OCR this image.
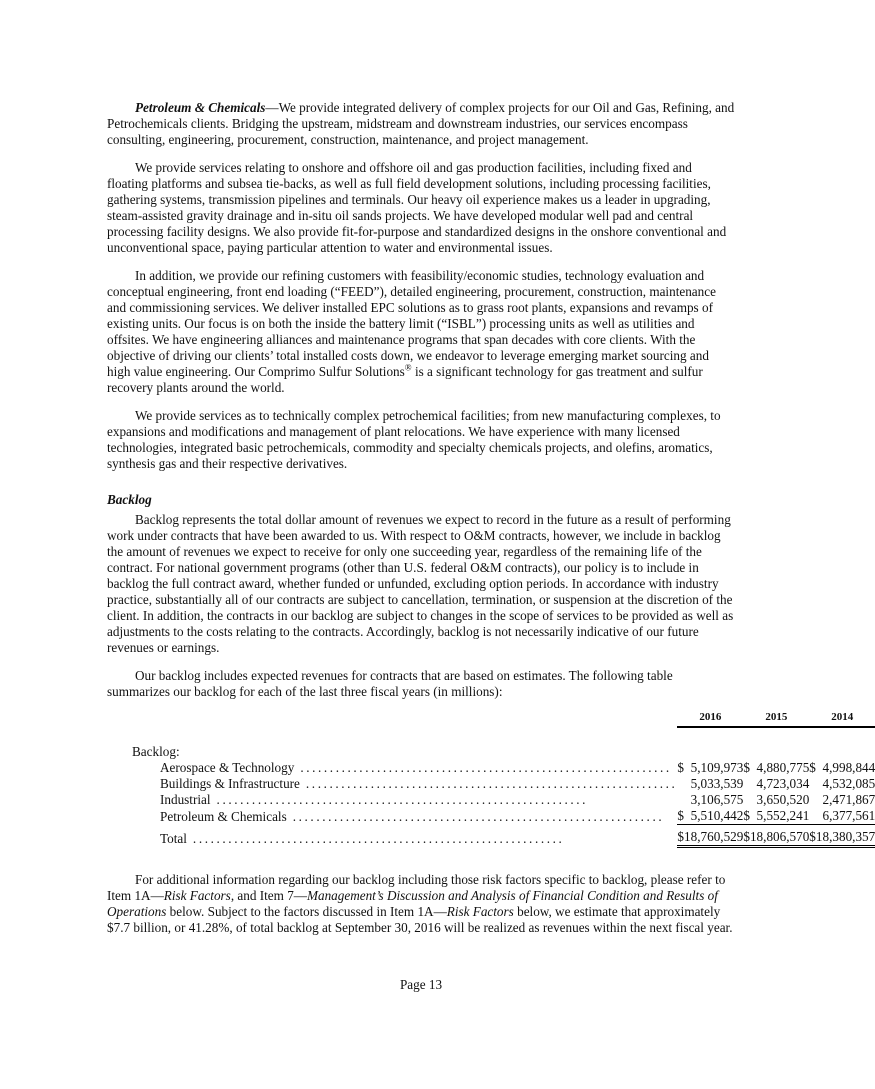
Petroleum & Chemicals—We provide integrated delivery of complex projects for our Oil and Gas, Refining, and Petrochemicals clients. Bridging the upstream, midstream and downstream industries, our services encompass consulting, engineering, procurement, construction, maintenance, and project management.

We provide services relating to onshore and offshore oil and gas production facilities, including fixed and floating platforms and subsea tie-backs, as well as full field development solutions, including processing facilities, gathering systems, transmission pipelines and terminals. Our heavy oil experience makes us a leader in upgrading, steam-assisted gravity drainage and in-situ oil sands projects. We have developed modular well pad and central processing facility designs. We also provide fit-for-purpose and standardized designs in the onshore conventional and unconventional space, paying particular attention to water and environmental issues.

In addition, we provide our refining customers with feasibility/economic studies, technology evaluation and conceptual engineering, front end loading (“FEED”), detailed engineering, procurement, construction, maintenance and commissioning services. We deliver installed EPC solutions as to grass root plants, expansions and revamps of existing units. Our focus is on both the inside the battery limit (“ISBL”) processing units as well as utilities and offsites. We have engineering alliances and maintenance programs that span decades with core clients. With the objective of driving our clients’ total installed costs down, we endeavor to leverage emerging market sourcing and high value engineering. Our Comprimo Sulfur Solutions® is a significant technology for gas treatment and sulfur recovery plants around the world.

We provide services as to technically complex petrochemical facilities; from new manufacturing complexes, to expansions and modifications and management of plant relocations. We have experience with many licensed technologies, integrated basic petrochemicals, commodity and specialty chemicals projects, and olefins, aromatics, synthesis gas and their respective derivatives.

Backlog

Backlog represents the total dollar amount of revenues we expect to record in the future as a result of performing work under contracts that have been awarded to us. With respect to O&M contracts, however, we include in backlog the amount of revenues we expect to receive for only one succeeding year, regardless of the remaining life of the contract. For national government programs (other than U.S. federal O&M contracts), our policy is to include in backlog the full contract award, whether funded or unfunded, excluding option periods. In accordance with industry practice, substantially all of our contracts are subject to cancellation, termination, or suspension at the discretion of the client. In addition, the contracts in our backlog are subject to changes in the scope of services to be provided as well as adjustments to the costs relating to the contracts. Accordingly, backlog is not necessarily indicative of our future revenues or earnings.

Our backlog includes expected revenues for contracts that are based on estimates. The following table summarizes our backlog for each of the last three fiscal years (in millions):

		2016		2015		2014

Backlog:			

Aerospace & Technology ...............................................................		$ 5,109,973		$ 4,880,775		$ 4,998,844

Buildings & Infrastructure ...............................................................		5,033,539		4,723,034		4,532,085

Industrial ...............................................................		3,106,575		3,650,520		2,471,867

Petroleum & Chemicals ...............................................................		$ 5,510,442		$ 5,552,241		6,377,561

Total ...............................................................		$18,760,529		$18,806,570		$18,380,357

For additional information regarding our backlog including those risk factors specific to backlog, please refer to Item 1A—Risk Factors, and Item 7—Management’s Discussion and Analysis of Financial Condition and Results of Operations below. Subject to the factors discussed in Item 1A—Risk Factors below, we estimate that approximately $7.7 billion, or 41.28%, of total backlog at September 30, 2016 will be realized as revenues within the next fiscal year.

Page 13
